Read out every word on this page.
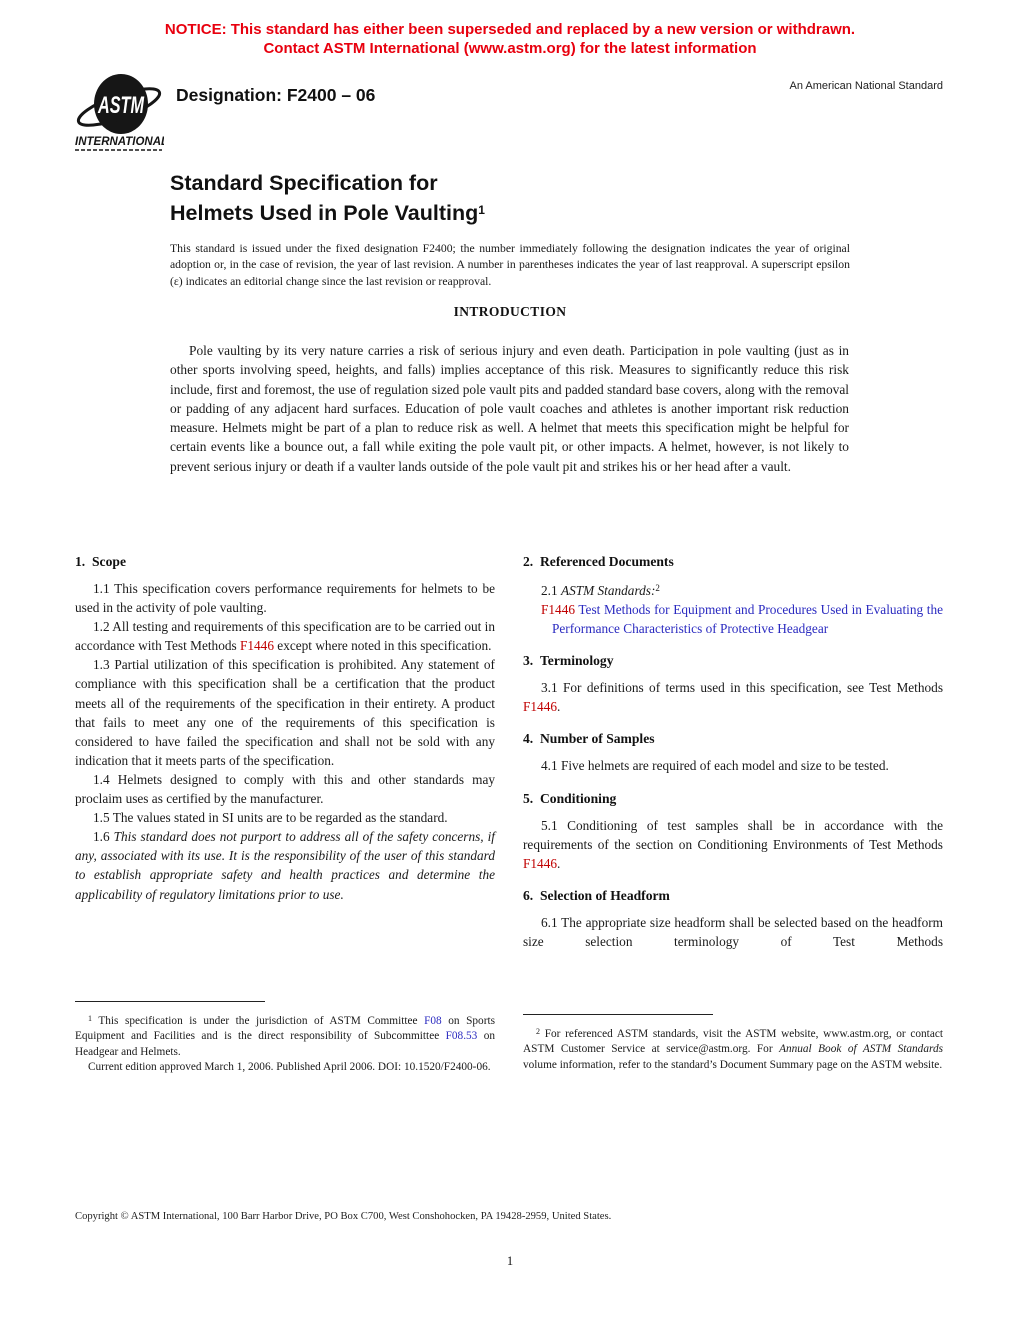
NOTICE: This standard has either been superseded and replaced by a new version or withdrawn.
Contact ASTM International (www.astm.org) for the latest information
ASTM
INTERNATIONAL
Designation: F2400 – 06	An American National Standard
Standard Specification for
Helmets Used in Pole Vaulting$^1$
This standard is issued under the fixed designation F2400; the number immediately following the designation indicates the year of original adoption or, in the case of revision, the year of last revision. A number in parentheses indicates the year of last reapproval. A superscript epsilon (ε) indicates an editorial change since the last revision or reapproval.
INTRODUCTION
Pole vaulting by its very nature carries a risk of serious injury and even death. Participation in pole vaulting (just as in other sports involving speed, heights, and falls) implies acceptance of this risk. Measures to significantly reduce this risk include, first and foremost, the use of regulation sized pole vault pits and padded standard base covers, along with the removal or padding of any adjacent hard surfaces. Education of pole vault coaches and athletes is another important risk reduction measure. Helmets might be part of a plan to reduce risk as well. A helmet that meets this specification might be helpful for certain events like a bounce out, a fall while exiting the pole vault pit, or other impacts. A helmet, however, is not likely to prevent serious injury or death if a vaulter lands outside of the pole vault pit and strikes his or her head after a vault.
1. Scope

1.1 This specification covers performance requirements for helmets to be used in the activity of pole vaulting.

1.2 All testing and requirements of this specification are to be carried out in accordance with Test Methods F1446 except where noted in this specification.

1.3 Partial utilization of this specification is prohibited. Any statement of compliance with this specification shall be a certification that the product meets all of the requirements of the specification in their entirety. A product that fails to meet any one of the requirements of this specification is considered to have failed the specification and shall not be sold with any indication that it meets parts of the specification.

1.4 Helmets designed to comply with this and other standards may proclaim uses as certified by the manufacturer.

1.5 The values stated in SI units are to be regarded as the standard.

1.6 This standard does not purport to address all of the safety concerns, if any, associated with its use. It is the responsibility of the user of this standard to establish appropriate safety and health practices and determine the applicability of regulatory limitations prior to use.

2. Referenced Documents

2.1 ASTM Standards:$^2$

F1446 Test Methods for Equipment and Procedures Used in Evaluating the Performance Characteristics of Protective Headgear

3. Terminology

3.1 For definitions of terms used in this specification, see Test Methods F1446.

4. Number of Samples

4.1 Five helmets are required of each model and size to be tested.

5. Conditioning

5.1 Conditioning of test samples shall be in accordance with the requirements of the section on Conditioning Environments of Test Methods F1446.

6. Selection of Headform

6.1 The appropriate size headform shall be selected based on the headform size selection terminology of Test Methods

$^1$ This specification is under the jurisdiction of ASTM Committee F08 on Sports Equipment and Facilities and is the direct responsibility of Subcommittee F08.53 on Headgear and Helmets.

Current edition approved March 1, 2006. Published April 2006. DOI: 10.1520/F2400-06.

$^2$ For referenced ASTM standards, visit the ASTM website, www.astm.org, or contact ASTM Customer Service at service@astm.org. For Annual Book of ASTM Standards volume information, refer to the standard’s Document Summary page on the ASTM website.

Copyright © ASTM International, 100 Barr Harbor Drive, PO Box C700, West Conshohocken, PA 19428-2959, United States.
1
